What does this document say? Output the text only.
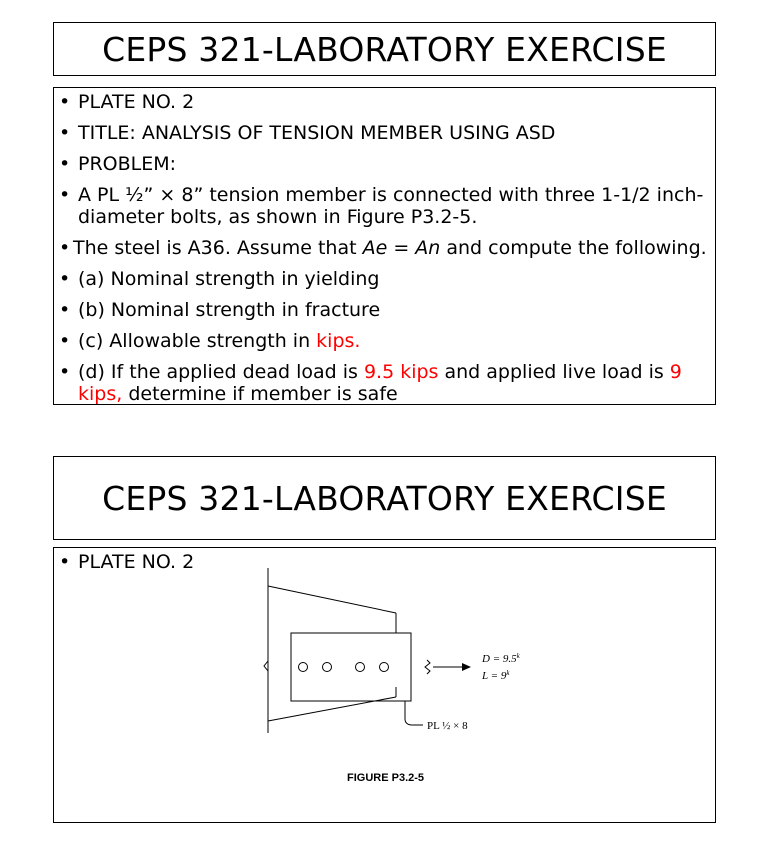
CEPS 321-LABORATORY EXERCISE
• PLATE NO. 2
• TITLE: ANALYSIS OF TENSION MEMBER USING ASD
• PROBLEM:
• A PL ½” × 8” tension member is connected with three 1-1/2 inch-diameter bolts, as shown in Figure P3.2-5.
• The steel is A36. Assume that Ae = An and compute the following.
• (a) Nominal strength in yielding
• (b) Nominal strength in fracture
• (c) Allowable strength in kips.
• (d) If the applied dead load is 9.5 kips and applied live load is 9 kips, determine if member is safe
CEPS 321-LABORATORY EXERCISE
• PLATE NO. 2
$D = 9.5^k$
$L = 9^k$
PL ½ × 8
FIGURE P3.2-5
